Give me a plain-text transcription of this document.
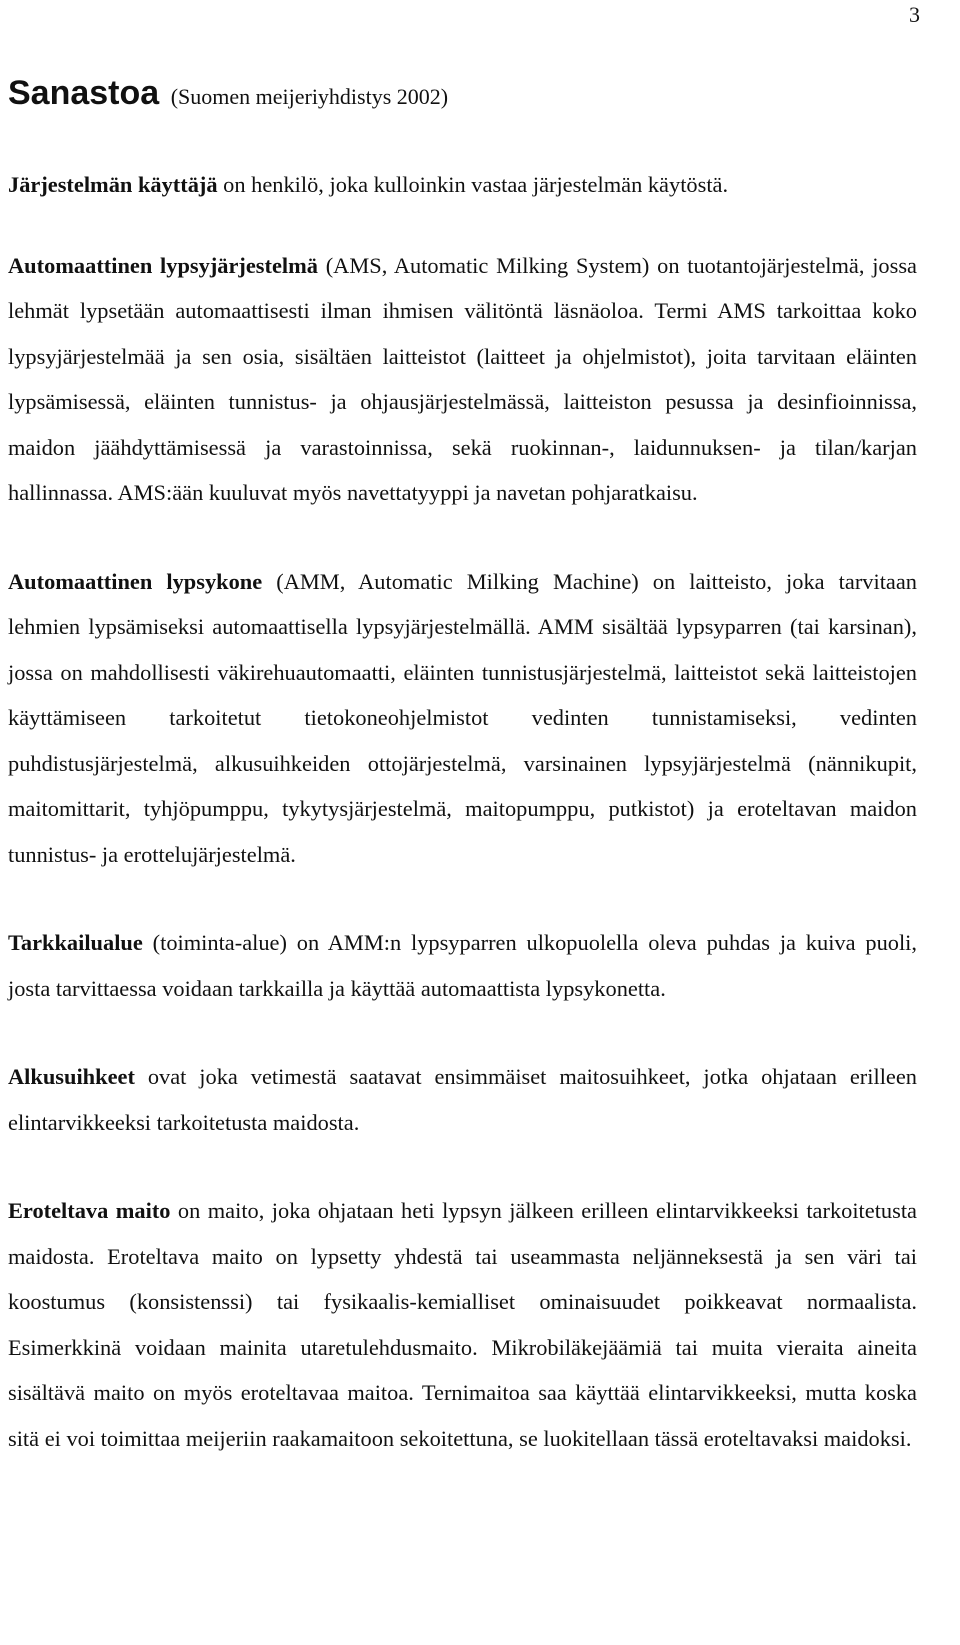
3
Sanastoa (Suomen meijeriyhdistys 2002)

Järjestelmän käyttäjä on henkilö, joka kulloinkin vastaa järjestelmän käytöstä.

Automaattinen lypsyjärjestelmä (AMS, Automatic Milking System) on tuotantojärjestelmä, jossa lehmät lypsetään automaattisesti ilman ihmisen välitöntä läsnäoloa. Termi AMS tarkoittaa koko lypsyjärjestelmää ja sen osia, sisältäen laitteistot (laitteet ja ohjelmistot), joita tarvitaan eläinten lypsämisessä, eläinten tunnistus- ja ohjausjärjestelmässä, laitteiston pesussa ja desinfioinnissa, maidon jäähdyttämisessä ja varastoinnissa, sekä ruokinnan-, laidunnuksen- ja tilan/karjan hallinnassa. AMS:ään kuuluvat myös navettatyyppi ja navetan pohjaratkaisu.

Automaattinen lypsykone (AMM, Automatic Milking Machine) on laitteisto, joka tarvitaan lehmien lypsämiseksi automaattisella lypsyjärjestelmällä. AMM sisältää lypsyparren (tai karsinan), jossa on mahdollisesti väkirehuautomaatti, eläinten tunnistusjärjestelmä, laitteistot sekä laitteistojen käyttämiseen tarkoitetut tietokoneohjelmistot vedinten tunnistamiseksi, vedinten puhdistusjärjestelmä, alkusuihkeiden ottojärjestelmä, varsinainen lypsyjärjestelmä (nännikupit, maitomittarit, tyhjöpumppu, tykytysjärjestelmä, maitopumppu, putkistot) ja eroteltavan maidon tunnistus- ja erottelujärjestelmä.

Tarkkailualue (toiminta-alue) on AMM:n lypsyparren ulkopuolella oleva puhdas ja kuiva puoli, josta tarvittaessa voidaan tarkkailla ja käyttää automaattista lypsykonetta.

Alkusuihkeet ovat joka vetimestä saatavat ensimmäiset maitosuihkeet, jotka ohjataan erilleen elintarvikkeeksi tarkoitetusta maidosta.

Eroteltava maito on maito, joka ohjataan heti lypsyn jälkeen erilleen elintarvikkeeksi tarkoitetusta maidosta. Eroteltava maito on lypsetty yhdestä tai useammasta neljänneksestä ja sen väri tai koostumus (konsistenssi) tai fysikaalis-kemialliset ominaisuudet poikkeavat normaalista. Esimerkkinä voidaan mainita utaretulehdusmaito. Mikrobiläkejäämiä tai muita vieraita aineita sisältävä maito on myös eroteltavaa maitoa. Ternimaitoa saa käyttää elintarvikkeeksi, mutta koska sitä ei voi toimittaa meijeriin raakamaitoon sekoitettuna, se luokitellaan tässä eroteltavaksi maidoksi.
